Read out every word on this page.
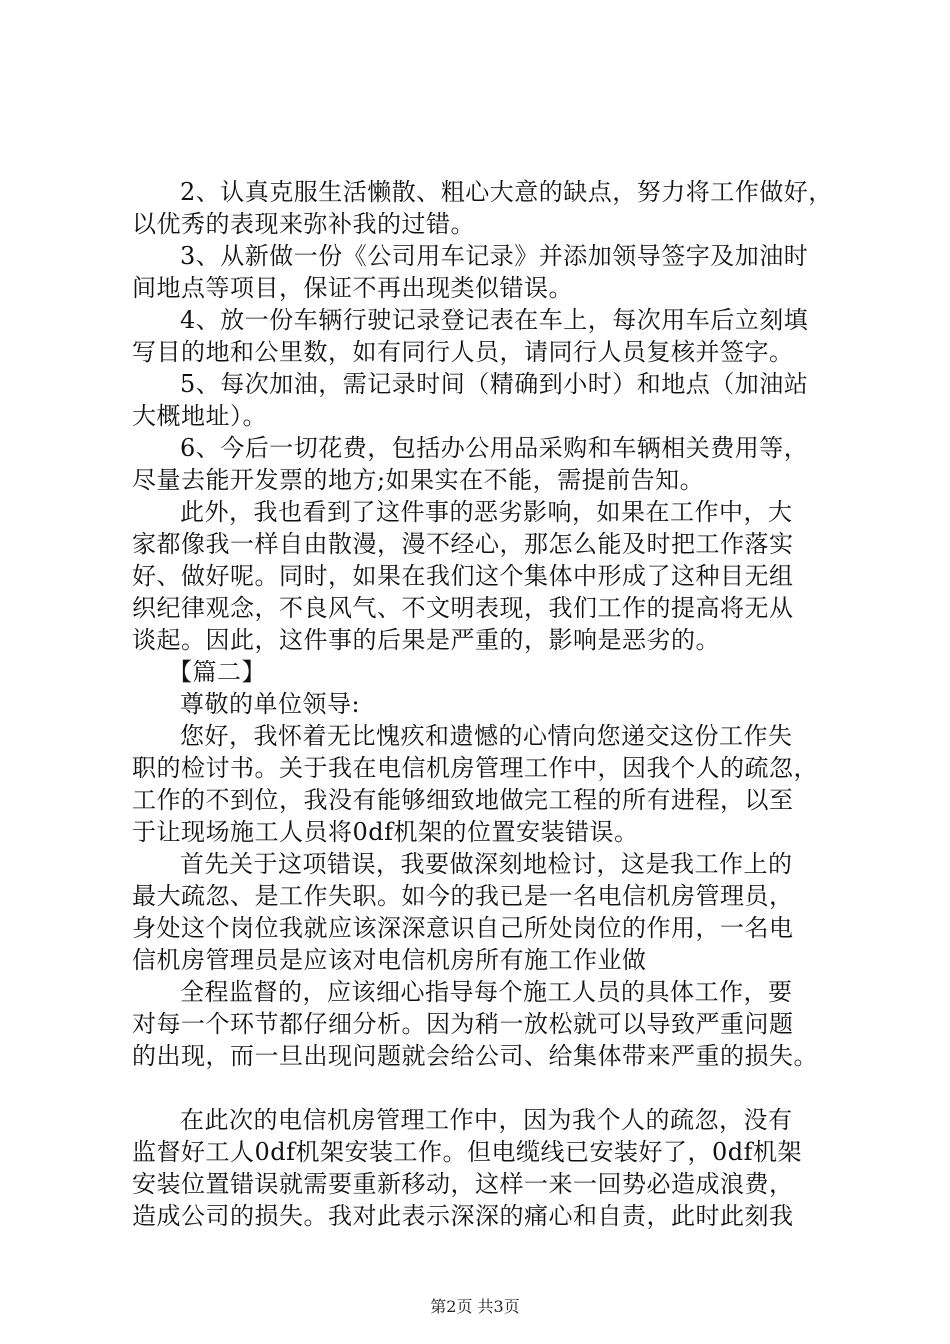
2、认真克服生活懒散、粗心大意的缺点，努力将工作做好，
以优秀的表现来弥补我的过错。
3、从新做一份《公司用车记录》并添加领导签字及加油时
间地点等项目，保证不再出现类似错误。
4、放一份车辆行驶记录登记表在车上，每次用车后立刻填
写目的地和公里数，如有同行人员，请同行人员复核并签字。
5、每次加油，需记录时间（精确到小时）和地点（加油站
大概地址）。
6、今后一切花费，包括办公用品采购和车辆相关费用等，
尽量去能开发票的地方;如果实在不能，需提前告知。
此外，我也看到了这件事的恶劣影响，如果在工作中，大
家都像我一样自由散漫，漫不经心，那怎么能及时把工作落实
好、做好呢。同时，如果在我们这个集体中形成了这种目无组
织纪律观念，不良风气、不文明表现，我们工作的提高将无从
谈起。因此，这件事的后果是严重的，影响是恶劣的。
【篇二】
尊敬的单位领导:
您好，我怀着无比愧疚和遗憾的心情向您递交这份工作失
职的检讨书。关于我在电信机房管理工作中，因我个人的疏忽，
工作的不到位，我没有能够细致地做完工程的所有进程，以至
于让现场施工人员将0df机架的位置安装错误。
首先关于这项错误，我要做深刻地检讨，这是我工作上的
最大疏忽、是工作失职。如今的我已是一名电信机房管理员，
身处这个岗位我就应该深深意识自己所处岗位的作用，一名电
信机房管理员是应该对电信机房所有施工作业做
全程监督的，应该细心指导每个施工人员的具体工作，要
对每一个环节都仔细分析。因为稍一放松就可以导致严重问题
的出现，而一旦出现问题就会给公司、给集体带来严重的损失。
在此次的电信机房管理工作中，因为我个人的疏忽，没有
监督好工人0df机架安装工作。但电缆线已安装好了，0df机架
安装位置错误就需要重新移动，这样一来一回势必造成浪费，
造成公司的损失。我对此表示深深的痛心和自责，此时此刻我
第2页 共3页
